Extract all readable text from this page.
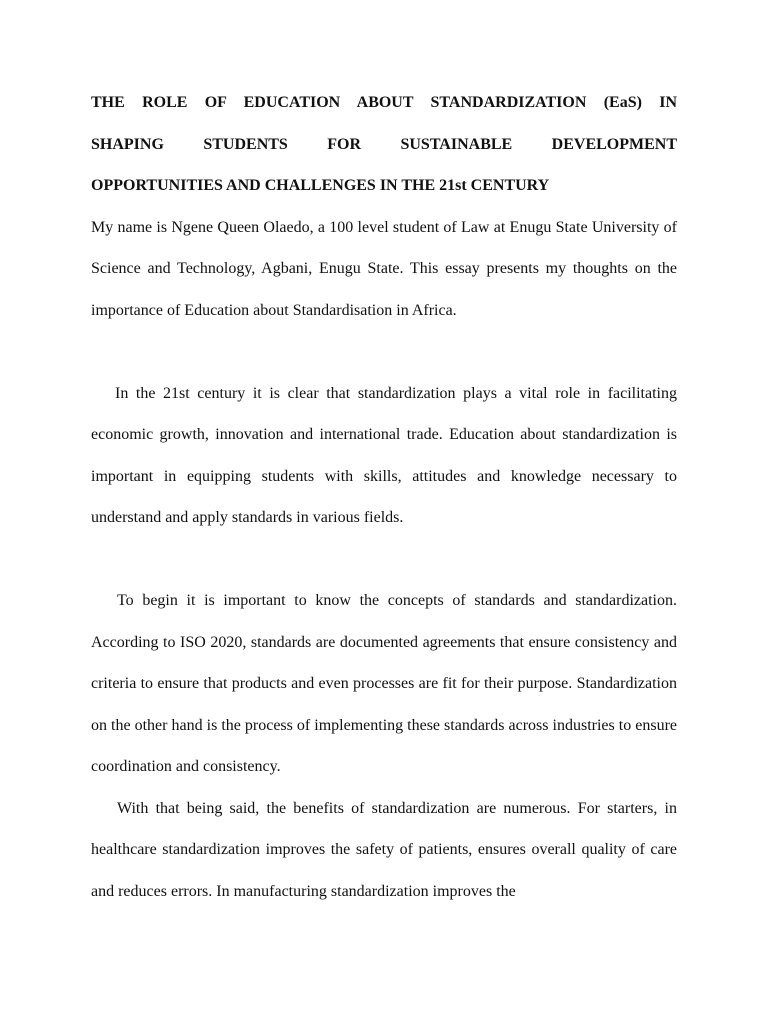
THE ROLE OF EDUCATION ABOUT STANDARDIZATION (EaS) IN
SHAPING STUDENTS FOR SUSTAINABLE DEVELOPMENT
OPPORTUNITIES AND CHALLENGES IN THE 21st CENTURY

My name is Ngene Queen Olaedo, a 100 level student of Law at Enugu State University of Science and Technology, Agbani, Enugu State. This essay presents my thoughts on the importance of Education about Standardisation in Africa.

In the 21st century it is clear that standardization plays a vital role in facilitating economic growth, innovation and international trade. Education about standardization is important in equipping students with skills, attitudes and knowledge necessary to understand and apply standards in various fields.

To begin it is important to know the concepts of standards and standardization. According to ISO 2020, standards are documented agreements that ensure consistency and criteria to ensure that products and even processes are fit for their purpose. Standardization on the other hand is the process of implementing these standards across industries to ensure coordination and consistency.

With that being said, the benefits of standardization are numerous. For starters, in healthcare standardization improves the safety of patients, ensures overall quality of care and reduces errors. In manufacturing standardization improves the
